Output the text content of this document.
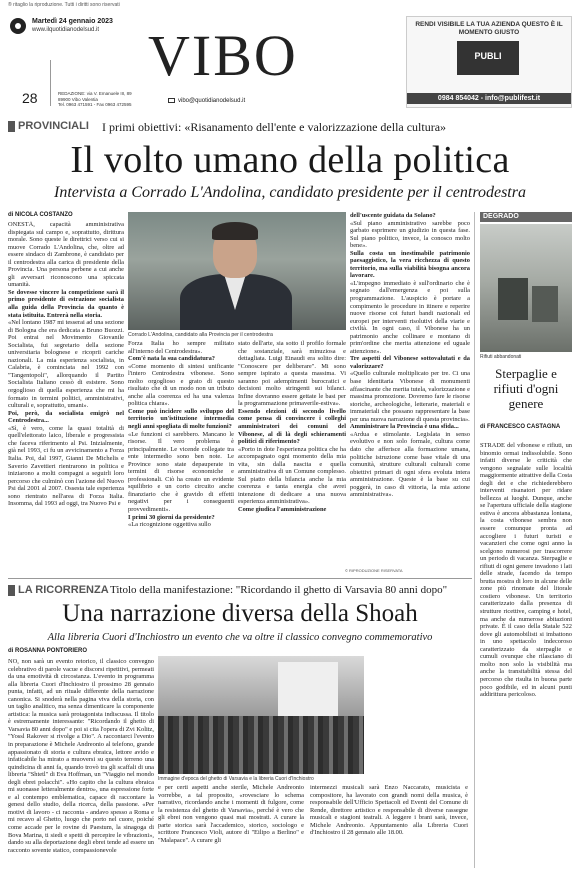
® ritaglio la riproduzione. Tutti i diritti sono riservati
Martedì 24 gennaio 2023
www.ilquotidianodelsud.it
28	REDAZIONE: via V. Emanuele III, 89
89900 Vibo Valentia
Tel. 0963 471591 - Fax 0963 472595
VIBO
vibo@quotidianodelsud.it
RENDI VISIBILE LA TUA AZIENDA QUESTO È IL MOMENTO GIUSTO
PUBLI
0984 854042 - info@publifest.it
PROVINCIALI I primi obiettivi: «Risanamento dell'ente e valorizzazione della cultura»
Il volto umano della politica
Intervista a Corrado L'Andolina, candidato presidente per il centrodestra
di NICOLA COSTANZO

ONESTÀ, capacità amministrativa dispiegata sul campo e, soprattutto, dirittura morale. Sono queste le direttrici verso cui si muove Corrado L'Andolina, che, oltre ad essere sindaco di Zambrone, è candidato per il centrodestra alla carica di presidente della Provincia. Una persona perbene a cui anche gli avversari riconoscono una spiccata umanità.

Se dovesse vincere la competizione sarà il primo presidente di estrazione socialista alla guida della Provincia da quanto è stata istituita. Entrerà nella storia.

«Nel lontano 1987 mi tesserai ad una sezione di Bologna che era dedicata a Bruno Buozzi. Poi entrai nel Movimento Giovanile Socialista, fui segretario della sezione universitaria bolognese e ricoprii cariche nazionali. La mia esperienza socialista, in Calabria, è cominciata nel 1992 con "Tangentopoli", allorquando il Partito Socialista Italiano cessò di esistere. Sono orgoglioso di quella esperienza che mi ha formato in termini politici, amministrativi, culturali e, soprattutto, umani».

Poi, però, da socialista emigrò nel Centrodestra...

«Sì, è vero, come la quasi totalità di quell'elettorato laico, liberale e progressista che faceva riferimento al Psi. Inizialmente, già nel 1993, ci fu un avvicinamento a Forza Italia. Poi, dal 1997, Gianni De Michelis e Saverio Zavettieri rientrarono in politica e iniziarono a molti compagni a seguirli loro percorso che culminò con l'azione del Nuovo Psi dal 2001 al 2007. Ossesta tale esperienza sono rientrato nell'area di Forza Italia. Insomma, dal 1993 ad oggi, tra Nuovo Psi e

Corrado L'Andolina, candidato alla Provincia per il centrodestra

Forza Italia ho sempre militato all'interno del Centrodestra».

Com'è nata la sua candidatura?

«Come momento di sintesi unificante l'intero Centrodestra vibonese. Sono molto orgoglioso e grato di questo risultato che di un modo non un tributo anche alla coerenza ed ha una valenza politica chiara».

Come può incidere sullo sviluppo del territorio un'istituzione intermedia negli anni spogliata di molte funzioni?

«Le funzioni ci sarebbero. Mancano le risorse. Il vero problema è principalmente. Le vicende collegate tra ente intermedio sono ben note. Le Province sono state depauperate in termini di risorse economiche e professionali. Ciò ha creato un evidente squilibrio e un corto circuito anche finanziario che è gravido di effetti negativi per i conseguenti provvedimenti».

I primi 30 giorni da presidente?

«La ricognizione oggettiva sullo

stato dell'arte, sia sotto il profilo formale che sostanziale, sarà minuziosa e dettagliata. Luigi Einaudi era solito dire: "Conoscere per deliberare". Mi sono sempre ispirato a questa massima. Vi saranno poi adempimenti burocratici e decisioni molto stringenti sui bilanci. Infine dovranno essere gettate le basi per la programmazione primaverile-estiva».

Essendo elezioni di secondo livello come pensa di convincere i colleghi amministratori dei comuni del Vibonese, al di là degli schieramenti politici di riferimento?

«Porto in dote l'esperienza politica che ha accompagnato ogni momento della mia vita, sin dalla nascita e quella amministrativa di un Comune complesso. Sul piatto della bilancia anche la mia coerenza e tanta energia che avrei intenzione di dedicare a una nuova esperienza amministrativa».

Come giudica l'amministrazione

dell'uscente guidata da Solano?

«Sul piano amministrativo sarebbe poco garbato esprimere un giudizio in questa fase. Sul piano politico, invece, la conosco molto bene».

Sulla costa un inestimabile patrimonio paesaggistico, la vera ricchezza di questo territorio, ma sulla viabilità bisogna ancora lavorare.

«L'impegno immediato è sull'ordinario che è segnato dall'emergenza e poi sulla programmazione. L'auspicio è portare a compimento le procedure in itinere e reperire nuove risorse coi futuri bandi nazionali ed europei per interventi risolutivi della viarie e civiltà. In ogni caso, il Vibonese ha un patrimonio anche collinare e montano di prim'ordine che merita attenzione ed uguale attenzione».

Tre aspetti del Vibonese sottovalutati e da valorizzare?

«Quello culturale moltiplicato per tre. Ci una base identitaria Vibonese di monumenti affascinante che merita tutela, valorizzazione e massima promozione. Dovremo fare le risorse storiche, archeologiche, letterarie, materiali e immateriali che possano rappresentare la base per una nuova narrazione di questa provincia».

Amministrare la Provincia è una sfida...

«Ardua e stimolante. Legislata in senso evolutivo e non solo formale, cultura come dato che afferisce alla formazione umana, politiche istruzione come base vitale di una comunità, strutture culturali culturali come obiettivi primari di ogni sfera evoluta intera amministrazione. Queste è la base su cui poggerà, in caso di vittoria, la mia azione amministrativa».

© RIPRODUZIONE RISERVATA
DEGRADO
Rifiuti abbandonati
Sterpaglie e rifiuti d'ogni genere
di FRANCESCO CASTAGNA

STRADE del vibonese e rifiuti, un binomio ormai indissolubile. Sono infatti diverse le criticità che vengono segnalate sulle località maggiormente attrattive della Costa degli dei e che richiederebbero interventi risanatori per ridare bellezza ai luoghi. Dunque, anche se l'apertura ufficiale della stagione estiva è ancora abbastanza lontana, la costa vibonese sembra non essere comunque pronta ad accogliere i futuri turisti e vacanzieri che come ogni anno la scelgono numerosi per trascorrere un periodo di vacanza. Sterpaglie e rifiuti di ogni genere invadono i lati delle strade, facendo da tempo brutta mostra di loro in alcune delle zone più rinomate del litorale costiero vibonese. Un territorio caratterizzato dalla presenza di strutture ricettive, camping e hotel, ma anche da numerose abitazioni private. È il caso della Statale 522 dove gli automobilisti si imbattono in uno spettacolo indecoroso caratterizzato da sterpaglie e cumuli ovunque che rilasciano di molto non solo la visibilità ma anche la transitabilità stessa del percorso che risulta in buona parte poco godibile, ed in alcuni punti addirittura pericoloso.

LA RICORRENZA Titolo della manifestazione: "Ricordando il ghetto di Varsavia 80 anni dopo"
Una narrazione diversa della Shoah
Alla libreria Cuori d'Inchiostro un evento che va oltre il classico convegno commemorativo
di ROSANNA PONTORIERO

NO, non sarà un evento retorico, il classico convegno celebrativo di parole vacue e discorsi ripetitivi, permeati da una emotività di circostanza. L'evento in programma alla libreria Cuori d'Inchiostro il prossimo 28 gennaio punta, infatti, ad un rituale differente della narrazione canonica. Si snoderà nella pagina viva della storia, con un taglio analitico, ma senza dimenticare la componente artistica: la musica sarà protagonista indiscussa. Il titolo è estremamente interessante: "Ricordando il ghetto di Varsavia 80 anni dopo" e poi si cita l'opera di Zvi Kolitz, "Yossl Rakover si rivolge a Dio". A raccontarci l'evento in preparazione è Michele Andreonio al telefono, grande appassionato di storia e cultura ebraica, lettore avido e infaticabile ha mirato a muoversi su questo terreno una quindicina di anni fa, quando trovò tra gli scaffali di una libreria "Shtetl" di Eva Hoffman, un "Viaggio nel mondo degli ebrei polacchi". «Ho capito che la cultura ebraica mi suonasse letteralmente dentro», una espressione forte e al contempo emblematica, capace di raccontare la genesi dello studio, della ricerca, della passione. «Per motivi di lavoro - ci racconta - andavo spesso a Roma e mi recavo al Ghetto, luogo che porto nel cuore, poiché come accade per le rovine di Paestum, la sinagoga di Bova Marina, ti siedi e spetti di percepire le vibrazioni», dando su alla deportazione degli ebrei tende ad essere un racconto sovente statico, compassionevole

Immagine d'epoca del ghetto di Varsavia e la libreria Cuori d'Inchiostro

e per certi aspetti anche sterile, Michele Andreonio vorrebbe, a tal proposito, «rovesciare lo schema narrativo, ricordando anche i momenti di fulgore, come la resistenza del ghetto di Varsavia», perché è vero che gli ebrei non vengono quasi mai mostrati. A curare la parte storica sarà l'accademico, storico, sociologo e scrittore Francesco Violi, autore di "Eilipo a Berlino" e "Malapace". A curare gli

intermezzi musicali sarà Enzo Naccarato, musicista e compositore, ha lavorato con grandi nomi della musica, è responsabile dell'Ufficio Spettacoli ed Eventi del Comune di Rende, direttore artistico e responsabile di diverse rassegne musicali e stagioni teatrali. A leggere i brani sarà, invece, Michele Andreonio. Appuntamento alla Libreria Cuori d'Inchiostro il 28 gennaio alle 18.00.
